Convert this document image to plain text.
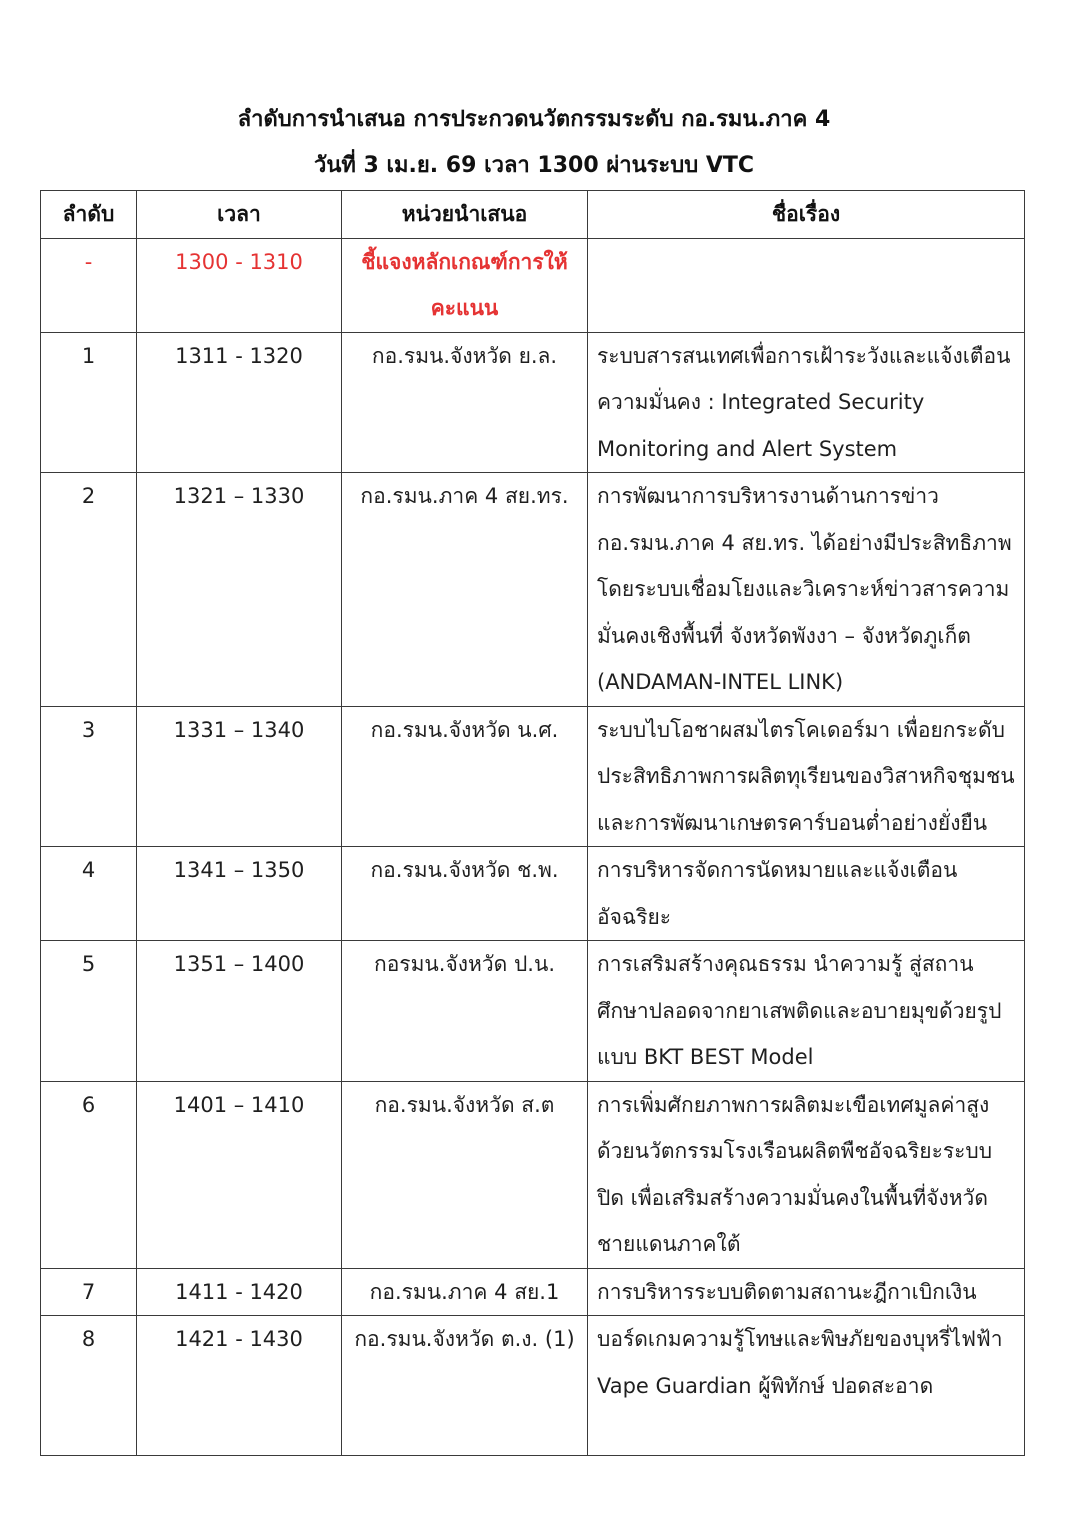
ลำดับการนำเสนอ การประกวดนวัตกรรมระดับ กอ.รมน.ภาค 4
วันที่ 3 เม.ย. 69 เวลา 1300 ผ่านระบบ VTC
ลำดับ	เวลา	หน่วยนำเสนอ	ชื่อเรื่อง
-	1300 - 1310	ชี้แจงหลักเกณฑ์การให้คะแนน	
1	1311 - 1320	กอ.รมน.จังหวัด ย.ล.	ระบบสารสนเทศเพื่อการเฝ้าระวังและแจ้งเตือนความมั่นคง : Integrated Security Monitoring and Alert System
2	1321 – 1330	กอ.รมน.ภาค 4 สย.ทร.	การพัฒนาการบริหารงานด้านการข่าว กอ.รมน.ภาค 4 สย.ทร. ได้อย่างมีประสิทธิภาพ โดยระบบเชื่อมโยงและวิเคราะห์ข่าวสารความมั่นคงเชิงพื้นที่ จังหวัดพังงา – จังหวัดภูเก็ต (ANDAMAN-INTEL LINK)
3	1331 – 1340	กอ.รมน.จังหวัด น.ศ.	ระบบไบโอชาผสมไตรโคเดอร์มา เพื่อยกระดับประสิทธิภาพการผลิตทุเรียนของวิสาหกิจชุมชนและการพัฒนาเกษตรคาร์บอนต่ำอย่างยั่งยืน
4	1341 – 1350	กอ.รมน.จังหวัด ช.พ.	การบริหารจัดการนัดหมายและแจ้งเตือนอัจฉริยะ
5	1351 – 1400	กอรมน.จังหวัด ป.น.	การเสริมสร้างคุณธรรม นำความรู้ สู่สถานศึกษาปลอดจากยาเสพติดและอบายมุขด้วยรูปแบบ BKT BEST Model
6	1401 – 1410	กอ.รมน.จังหวัด ส.ต	การเพิ่มศักยภาพการผลิตมะเขือเทศมูลค่าสูงด้วยนวัตกรรมโรงเรือนผลิตพืชอัจฉริยะระบบปิด เพื่อเสริมสร้างความมั่นคงในพื้นที่จังหวัดชายแดนภาคใต้
7	1411 - 1420	กอ.รมน.ภาค 4 สย.1	การบริหารระบบติดตามสถานะฎีกาเบิกเงิน
8	1421 - 1430	กอ.รมน.จังหวัด ต.ง. (1)	บอร์ดเกมความรู้โทษและพิษภัยของบุหรี่ไฟฟ้า Vape Guardian ผู้พิทักษ์ ปอดสะอาด
